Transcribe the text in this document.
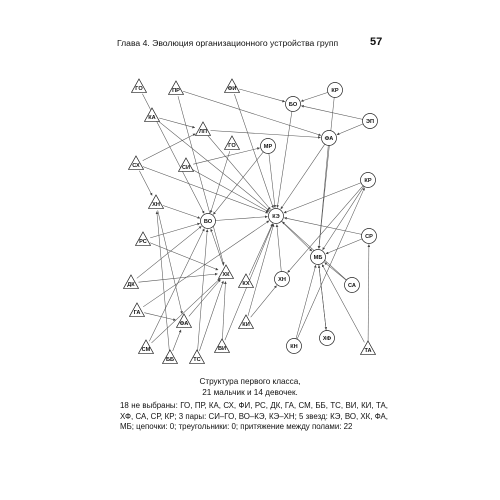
Глава 4. Эволюция организационного устройства групп	57
ГО	ПР	ФИ
БО
КР
ЭП
КА
ЛП
ФА
ГО	МР
СХ	СИ
КР
ХН
ВО
КЭ
РС
СР
МБ
ХК
ДК
ХН
КХ	СА
ГА
ФА	КИ
ХФ
СМ	ВИ	КН
ТА
ББ	ТС
Структура первого класса,
21 мальчик и 14 девочек.
18 не выбраны: ГО, ПР, КА, СХ, ФИ, РС, ДК, ГА, СМ, ББ, ТС, ВИ, КИ, ТА, ХФ, СА, СР, КР; 3 пары: СИ–ГО, ВО–КЭ, КЭ–ХН; 5 звезд: КЭ, ВО, ХК, ФА, МБ; цепочки: 0; треугольники: 0; притяжение между полами: 22
